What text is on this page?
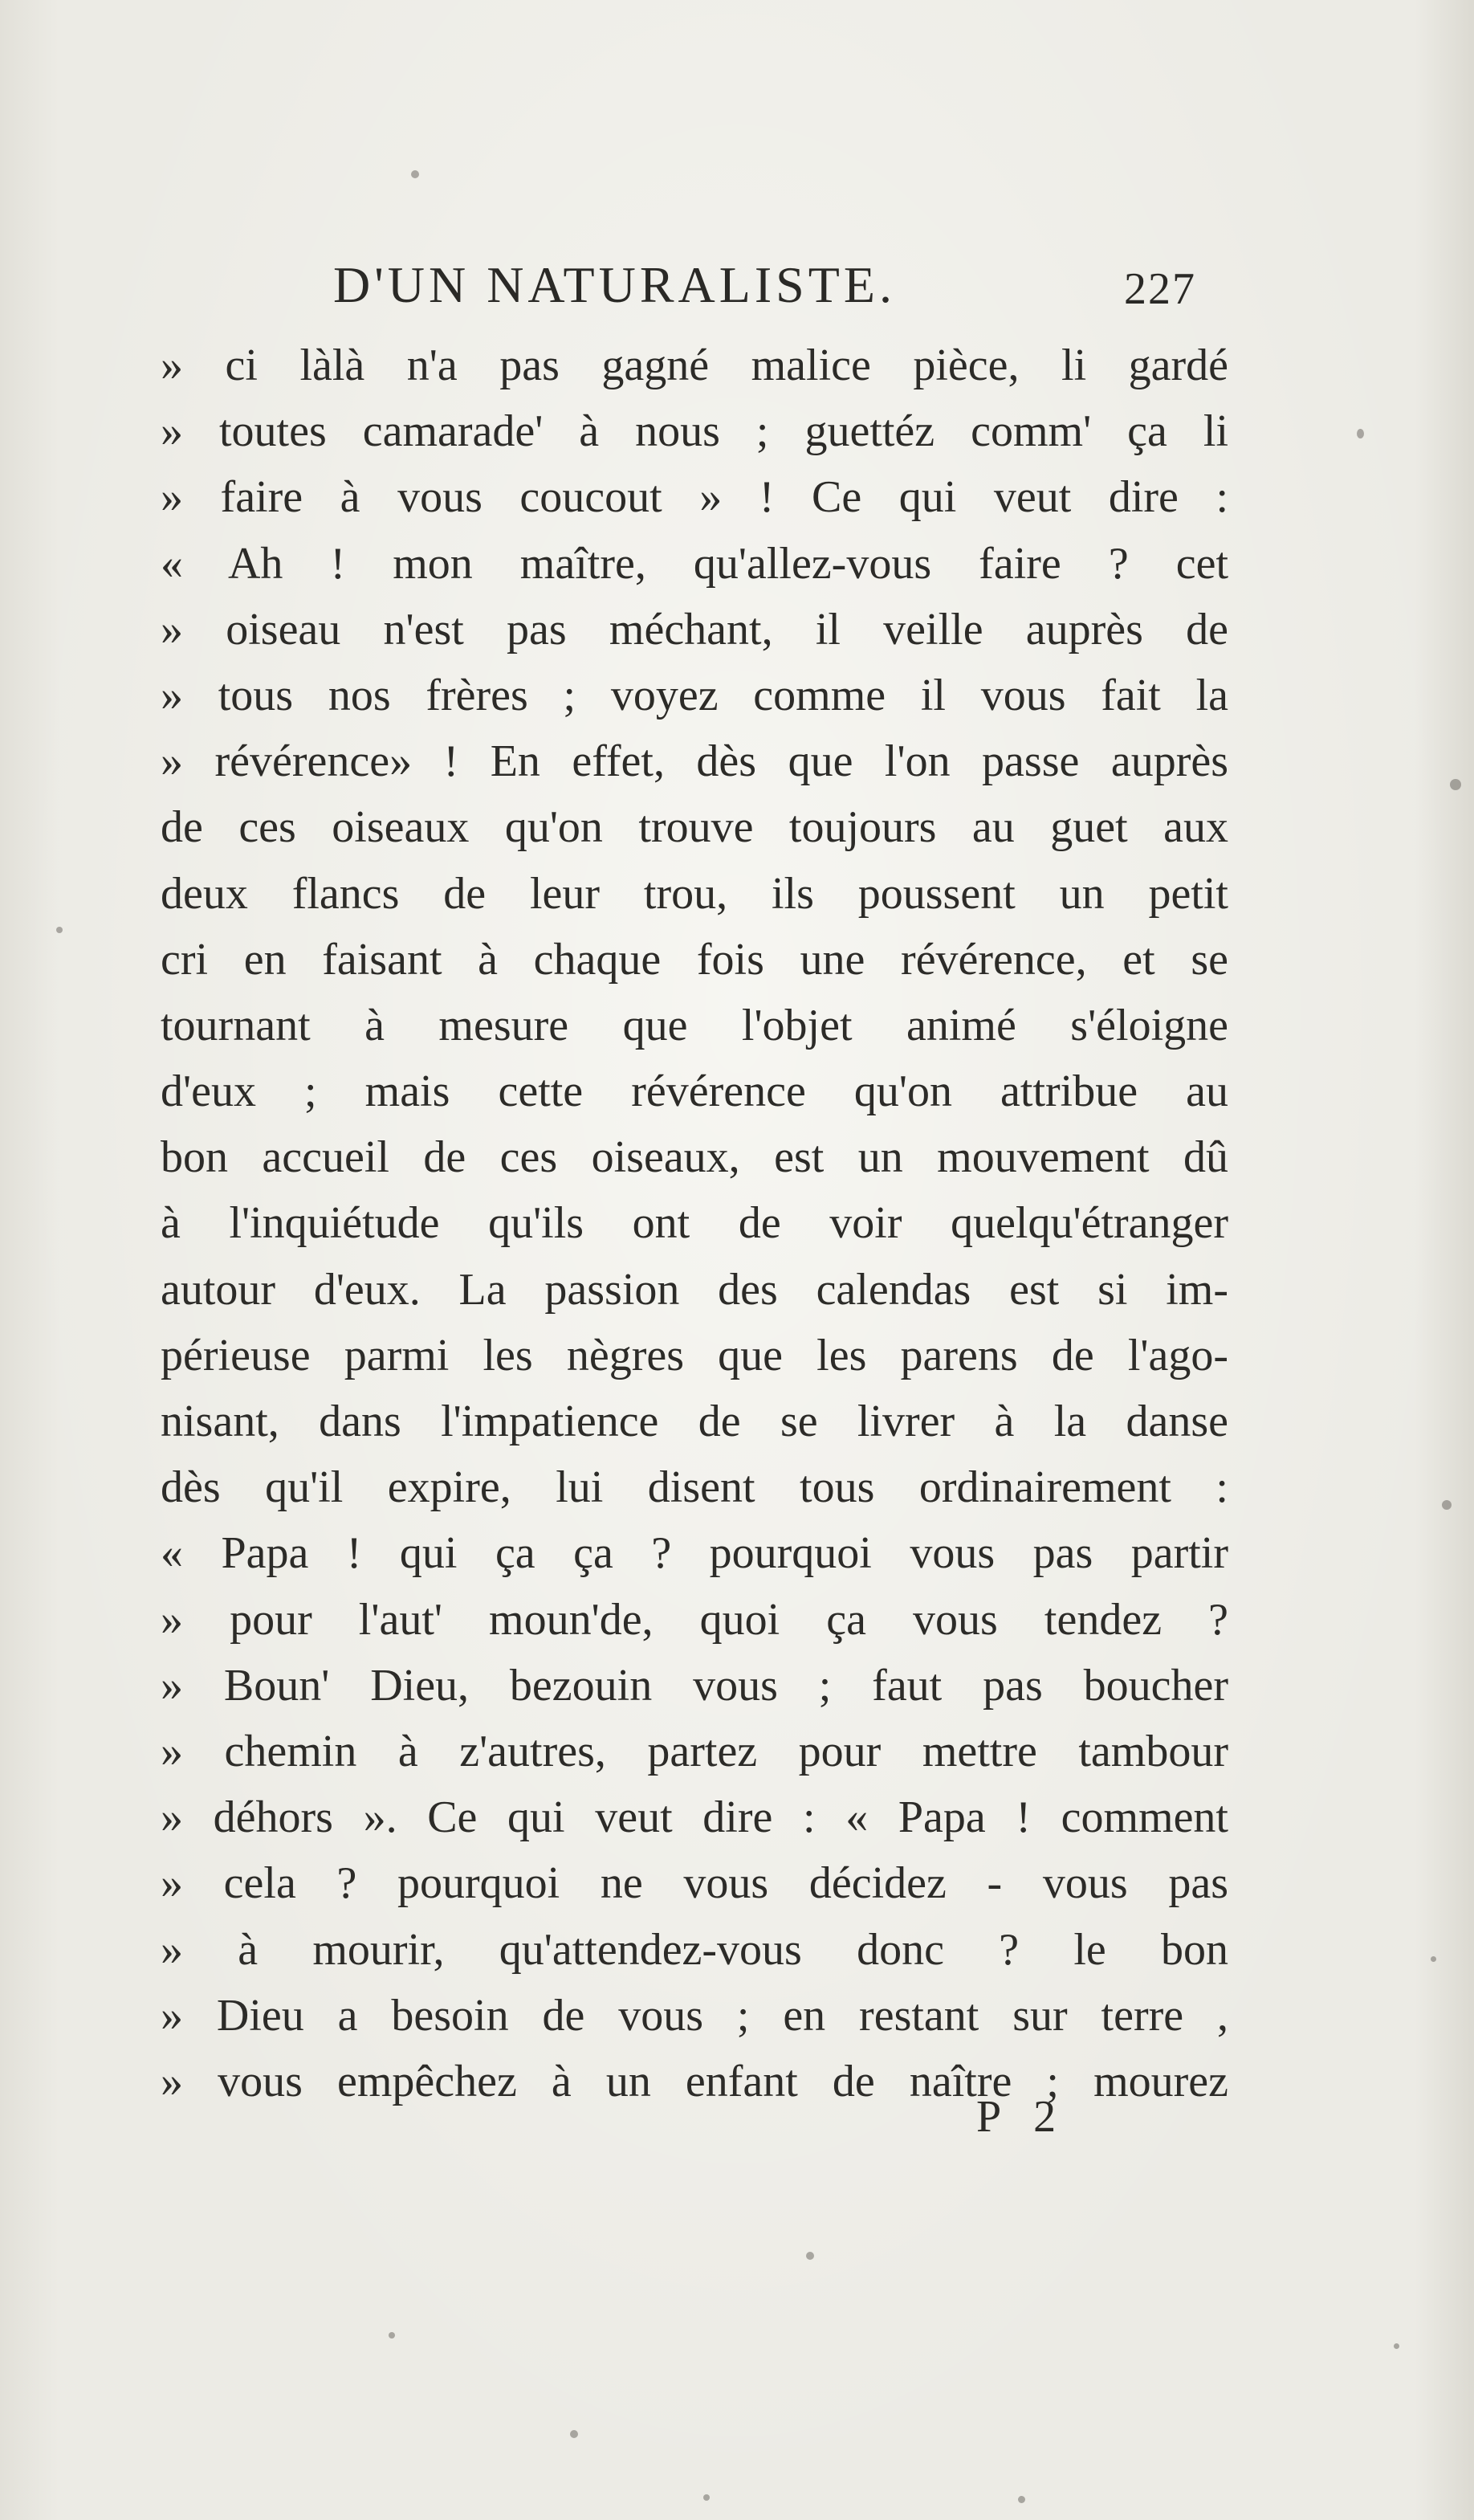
D'UN NATURALISTE.	227
» ci làlà n'a pas gagné malice pièce, li gardé
» toutes camarade' à nous ; guettéz comm' ça li
» faire à vous coucout » ! Ce qui veut dire :
« Ah ! mon maître, qu'allez-vous faire ? cet
» oiseau n'est pas méchant, il veille auprès de
» tous nos frères ; voyez comme il vous fait la
» révérence» ! En effet, dès que l'on passe auprès
de ces oiseaux qu'on trouve toujours au guet aux
deux flancs de leur trou, ils poussent un petit
cri en faisant à chaque fois une révérence, et se
tournant à mesure que l'objet animé s'éloigne
d'eux ; mais cette révérence qu'on attribue au
bon accueil de ces oiseaux, est un mouvement dû
à l'inquiétude qu'ils ont de voir quelqu'étranger
autour d'eux. La passion des calendas est si im-
périeuse parmi les nègres que les parens de l'ago-
nisant, dans l'impatience de se livrer à la danse
dès qu'il expire, lui disent tous ordinairement :
« Papa ! qui ça ça ? pourquoi vous pas partir
» pour l'aut' moun'de, quoi ça vous tendez ?
» Boun' Dieu, bezouin vous ; faut pas boucher
» chemin à z'autres, partez pour mettre tambour
» déhors ». Ce qui veut dire : « Papa ! comment
» cela ? pourquoi ne vous décidez - vous pas
» à mourir, qu'attendez-vous donc ? le bon
» Dieu a besoin de vous ; en restant sur terre ,
» vous empêchez à un enfant de naître ; mourez
P 2
